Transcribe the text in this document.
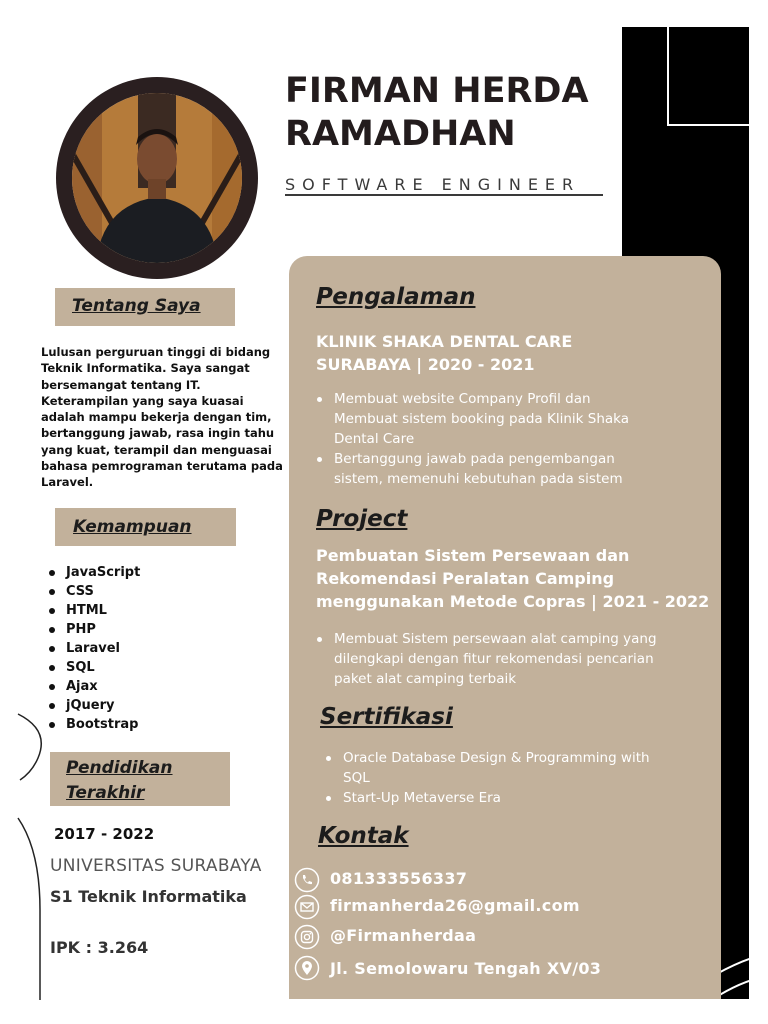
FIRMAN HERDA RAMADHAN
SOFTWARE ENGINEER
Tentang Saya
Lulusan perguruan tinggi di bidang Teknik Informatika. Saya sangat bersemangat tentang IT. Keterampilan yang saya kuasai adalah mampu bekerja dengan tim, bertanggung jawab, rasa ingin tahu yang kuat, terampil dan menguasai bahasa pemrograman terutama pada Laravel.
Kemampuan
JavaScript
CSS
HTML
PHP
Laravel
SQL
Ajax
jQuery
Bootstrap
Pendidikan Terakhir
2017 - 2022
UNIVERSITAS SURABAYA
S1 Teknik Informatika
IPK : 3.264
Pengalaman
KLINIK SHAKA DENTAL CARE SURABAYA | 2020 - 2021
Membuat website Company Profil dan Membuat sistem booking pada Klinik Shaka Dental Care
Bertanggung jawab pada pengembangan sistem, memenuhi kebutuhan pada sistem
Project
Pembuatan Sistem Persewaan dan Rekomendasi Peralatan Camping menggunakan Metode Copras | 2021 - 2022
Membuat Sistem persewaan alat camping yang dilengkapi dengan fitur rekomendasi pencarian paket alat camping terbaik
Sertifikasi
Oracle Database Design & Programming with SQL
Start-Up Metaverse Era
Kontak
081333556337
firmanherda26@gmail.com
@Firmanherdaa
Jl. Semolowaru Tengah XV/03
